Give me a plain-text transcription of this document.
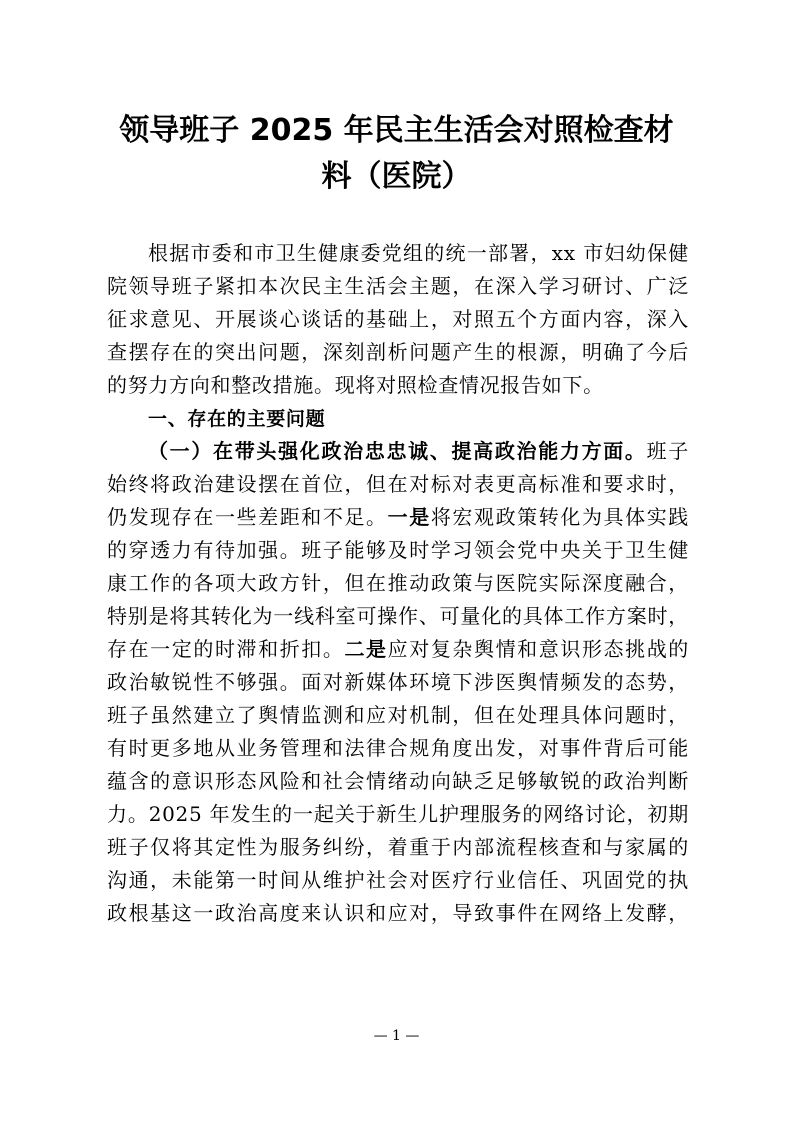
领导班子 2025 年民主生活会对照检查材
料（医院）
根据市委和市卫生健康委党组的统一部署，xx 市妇幼保健
院领导班子紧扣本次民主生活会主题，在深入学习研讨、广泛
征求意见、开展谈心谈话的基础上，对照五个方面内容，深入
查摆存在的突出问题，深刻剖析问题产生的根源，明确了今后
的努力方向和整改措施。现将对照检查情况报告如下。
一、存在的主要问题
（一）在带头强化政治忠忠诚、提高政治能力方面。班子
始终将政治建设摆在首位，但在对标对表更高标准和要求时，
仍发现存在一些差距和不足。一是将宏观政策转化为具体实践
的穿透力有待加强。班子能够及时学习领会党中央关于卫生健
康工作的各项大政方针，但在推动政策与医院实际深度融合，
特别是将其转化为一线科室可操作、可量化的具体工作方案时，
存在一定的时滞和折扣。二是应对复杂舆情和意识形态挑战的
政治敏锐性不够强。面对新媒体环境下涉医舆情频发的态势，
班子虽然建立了舆情监测和应对机制，但在处理具体问题时，
有时更多地从业务管理和法律合规角度出发，对事件背后可能
蕴含的意识形态风险和社会情绪动向缺乏足够敏锐的政治判断
力。2025 年发生的一起关于新生儿护理服务的网络讨论，初期
班子仅将其定性为服务纠纷，着重于内部流程核查和与家属的
沟通，未能第一时间从维护社会对医疗行业信任、巩固党的执
政根基这一政治高度来认识和应对，导致事件在网络上发酵，
— 1 —
